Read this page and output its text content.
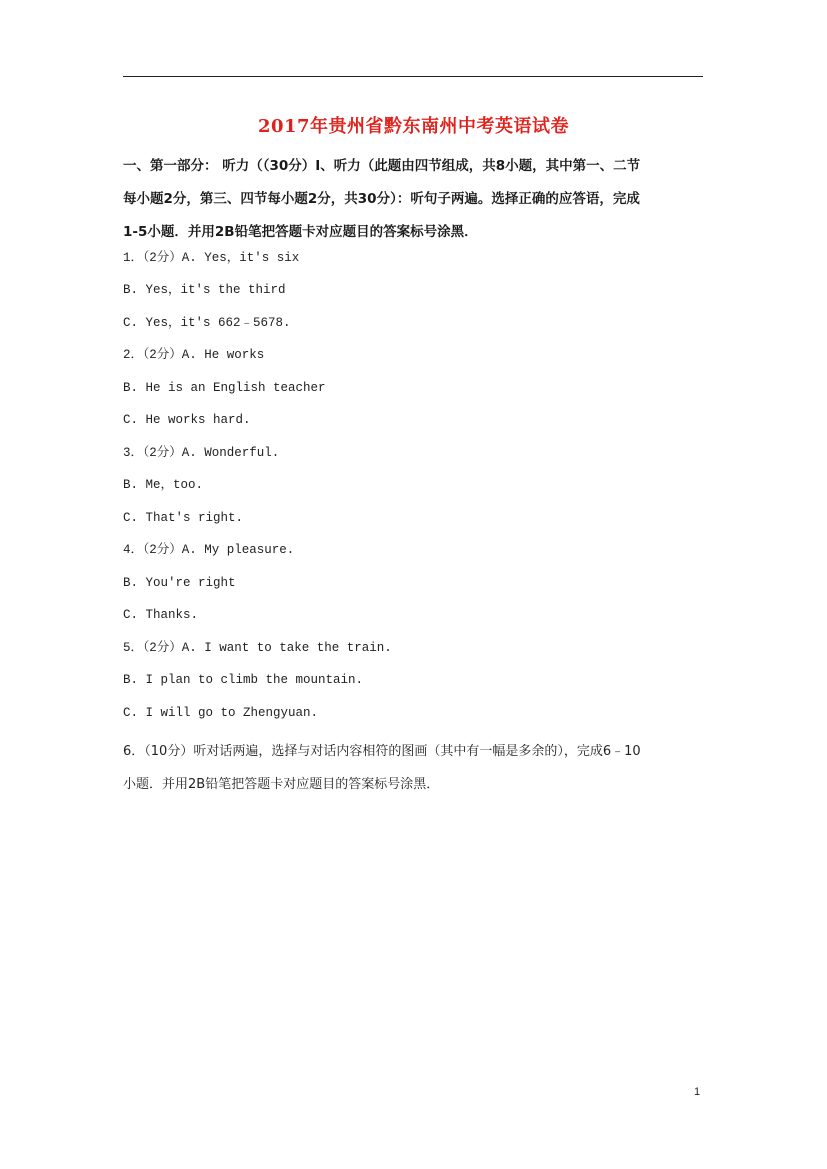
2017年贵州省黔东南州中考英语试卷

一、第一部分： 听力（（30分）I、听力（此题由四节组成，共8小题，其中第一、二节

每小题2分，第三、四节每小题2分，共30分）：听句子两遍。选择正确的应答语，完成

1-5小题．并用2B铅笔把答题卡对应题目的答案标号涂黑．

1．（2分）A. Yes，it's six
B. Yes，it's the third
C. Yes，it's 662﹣5678.
2．（2分）A. He works
B. He is an English teacher
C. He works hard.
3．（2分）A. Wonderful.
B. Me，too.
C. That's right.
4．（2分）A. My pleasure.
B. You're right
C. Thanks.
5．（2分）A. I want to take the train.
B. I plan to climb the mountain.
C. I will go to Zhengyuan.

6．（10分）听对话两遍，选择与对话内容相符的图画（其中有一幅是多余的），完成6﹣10

小题．并用2B铅笔把答题卡对应题目的答案标号涂黑．

1
